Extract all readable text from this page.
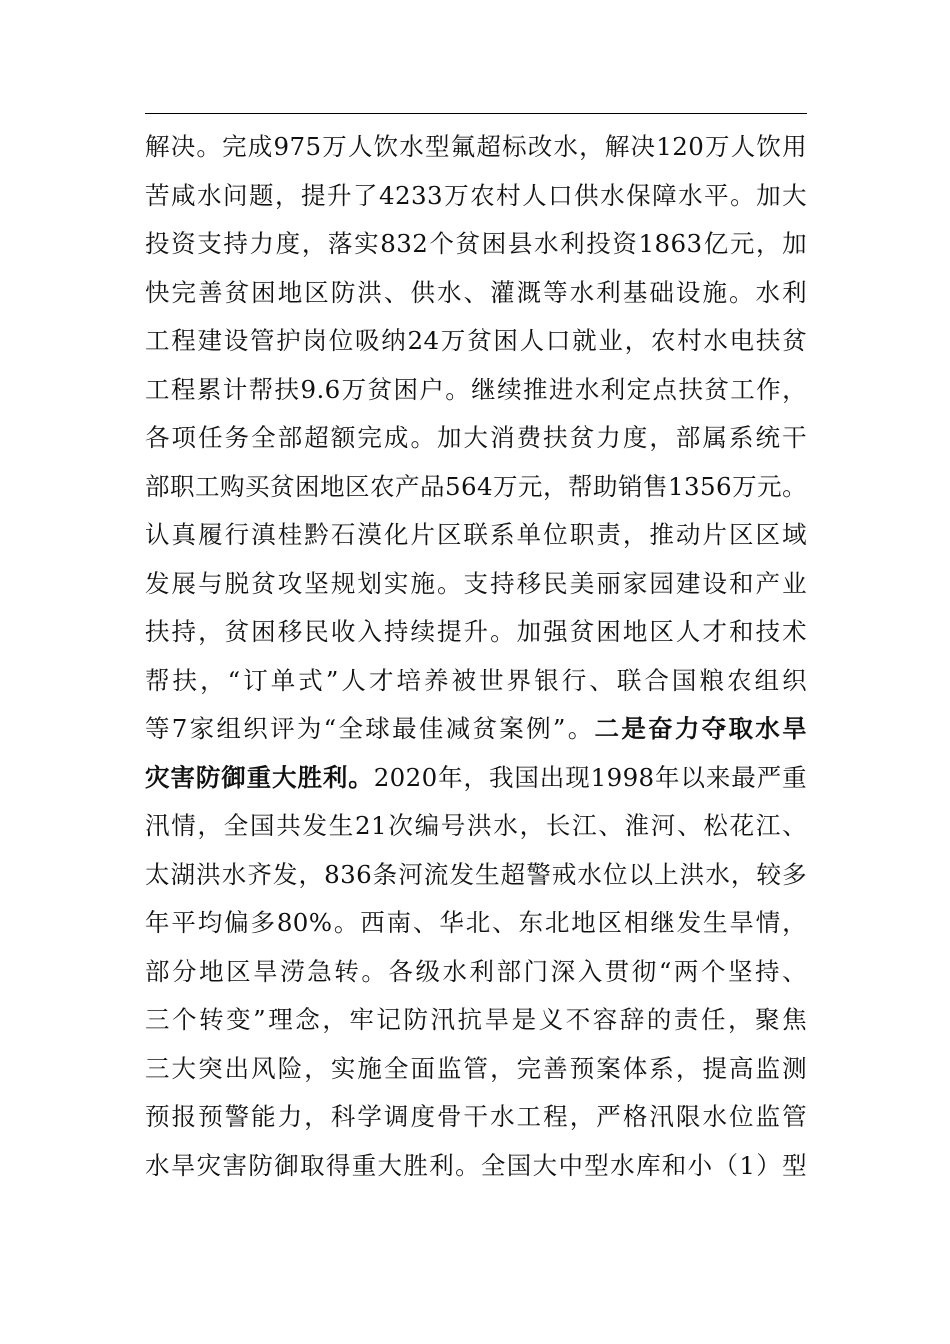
解决。完成975万人饮水型氟超标改水，解决120万人饮用
苦咸水问题，提升了4233万农村人口供水保障水平。加大
投资支持力度，落实832个贫困县水利投资1863亿元，加
快完善贫困地区防洪、供水、灌溉等水利基础设施。水利
工程建设管护岗位吸纳24万贫困人口就业，农村水电扶贫
工程累计帮扶9.6万贫困户。继续推进水利定点扶贫工作，
各项任务全部超额完成。加大消费扶贫力度，部属系统干
部职工购买贫困地区农产品564万元，帮助销售1356万元。
认真履行滇桂黔石漠化片区联系单位职责，推动片区区域
发展与脱贫攻坚规划实施。支持移民美丽家园建设和产业
扶持，贫困移民收入持续提升。加强贫困地区人才和技术
帮扶，“订单式”人才培养被世界银行、联合国粮农组织
等7家组织评为“全球最佳减贫案例”。二是奋力夺取水旱
灾害防御重大胜利。2020年，我国出现1998年以来最严重
汛情，全国共发生21次编号洪水，长江、淮河、松花江、
太湖洪水齐发，836条河流发生超警戒水位以上洪水，较多
年平均偏多80%。西南、华北、东北地区相继发生旱情，
部分地区旱涝急转。各级水利部门深入贯彻“两个坚持、
三个转变”理念，牢记防汛抗旱是义不容辞的责任，聚焦
三大突出风险，实施全面监管，完善预案体系，提高监测
预报预警能力，科学调度骨干水工程，严格汛限水位监管
水旱灾害防御取得重大胜利。全国大中型水库和小（1）型
